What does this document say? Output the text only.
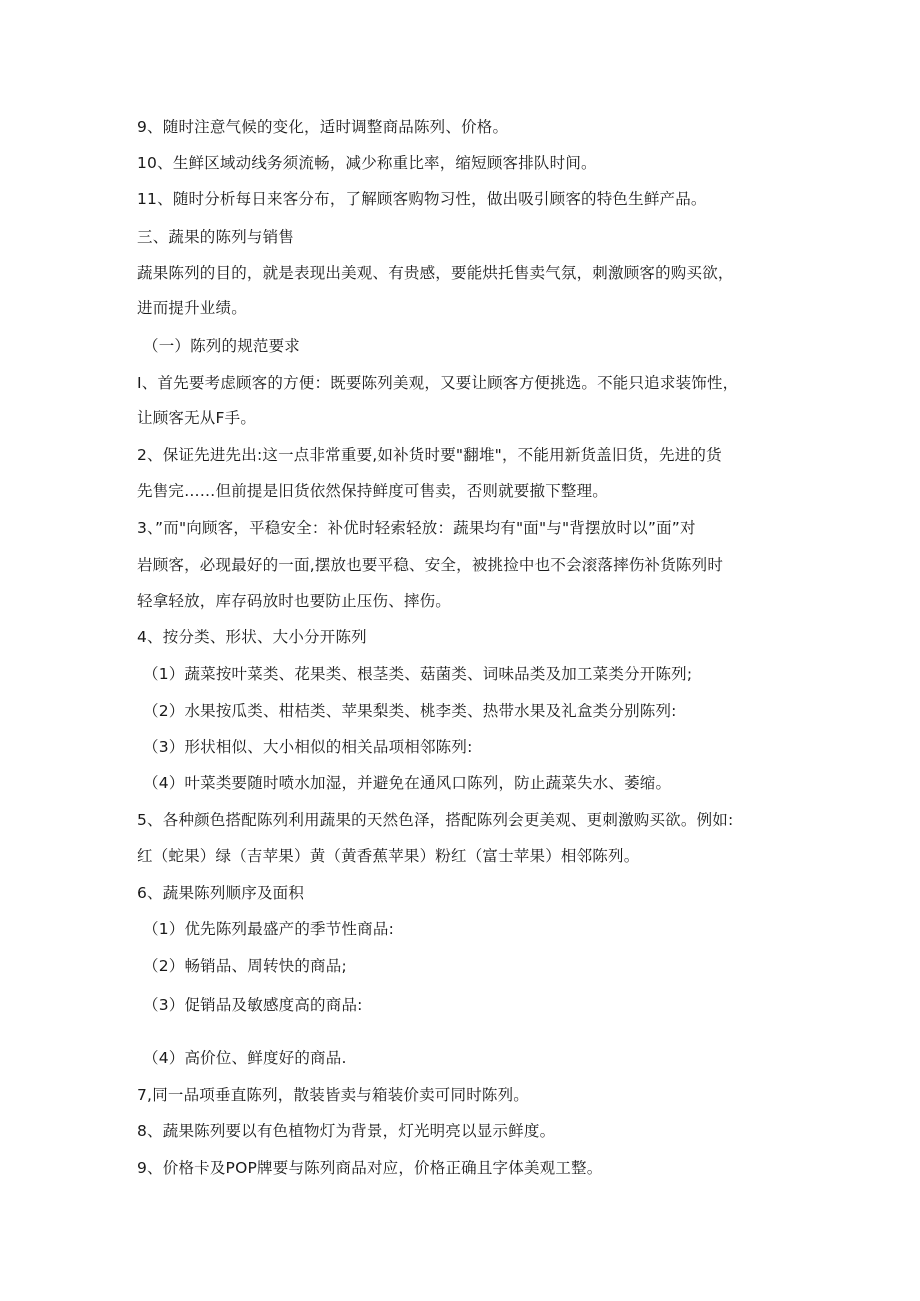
9、随时注意气候的变化，适时调整商品陈列、价格。
10、生鲜区域动线务须流畅，减少称重比率，缩短顾客排队时间。
11、随时分析每日来客分布，了解顾客购物习性，做出吸引顾客的特色生鲜产品。
三、蔬果的陈列与销售
蔬果陈列的目的，就是表现出美观、有贵感，要能烘托售卖气氛，刺激顾客的购买欲，
进而提升业绩。
（一）陈列的规范要求
I、首先要考虑顾客的方便：既要陈列美观，又要让顾客方便挑选。不能只追求装饰性，
让顾客无从F手。
2、保证先进先出:这一点非常重要,如补货时要"翻堆"，不能用新货盖旧货，先进的货
先售完……但前提是旧货依然保持鲜度可售卖，否则就要撤下整理。
3、”而"向顾客，平稳安全：补优时轻索轻放：蔬果均有"面"与"背摆放时以”面”对
岩顾客，必现最好的一面,摆放也要平稳、安全，被挑捡中也不会滚落摔伤补货陈列时
轻拿轻放，库存码放时也要防止压伤、摔伤。
4、按分类、形状、大小分开陈列
（1）蔬菜按叶菜类、花果类、根茎类、菇菌类、词味品类及加工菜类分开陈列;
（2）水果按瓜类、柑桔类、苹果梨类、桃李类、热带水果及礼盒类分别陈列:
（3）形状相似、大小相似的相关品项相邻陈列:
（4）叶菜类要随时喷水加湿，并避免在通风口陈列，防止蔬菜失水、萎缩。
5、各种颜色搭配陈列利用蔬果的天然色泽，搭配陈列会更美观、更刺激购买欲。例如:
红（蛇果）绿（吉苹果）黄（黄香蕉苹果）粉红（富士苹果）相邻陈列。
6、蔬果陈列顺序及面积
（1）优先陈列最盛产的季节性商品:
（2）畅销品、周转快的商品;
（3）促销品及敏感度高的商品:
（4）高价位、鲜度好的商品.
7,同一品项垂直陈列，散装皆卖与箱装价卖可同时陈列。
8、蔬果陈列要以有色植物灯为背景，灯光明亮以显示鲜度。
9、价格卡及POP牌要与陈列商品对应，价格正确且字体美观工整。
